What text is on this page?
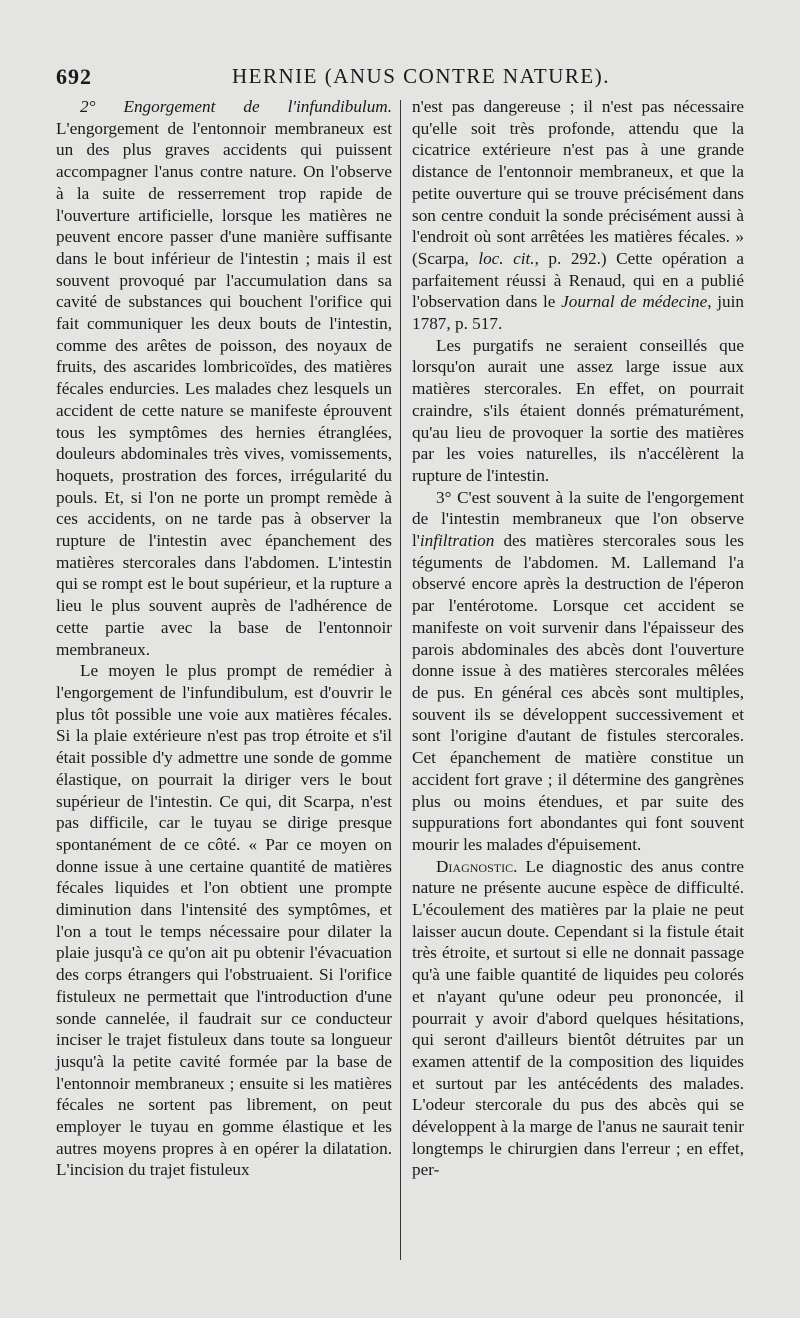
692	HERNIE (ANUS CONTRE NATURE).

2° Engorgement de l'infundibulum. L'engorgement de l'entonnoir membraneux est un des plus graves accidents qui puissent accompagner l'anus contre nature. On l'observe à la suite de resserrement trop rapide de l'ouverture artificielle, lorsque les matières ne peuvent encore passer d'une manière suffisante dans le bout inférieur de l'intestin ; mais il est souvent provoqué par l'accumulation dans sa cavité de substances qui bouchent l'orifice qui fait communiquer les deux bouts de l'intestin, comme des arêtes de poisson, des noyaux de fruits, des ascarides lombricoïdes, des matières fécales endurcies. Les malades chez lesquels un accident de cette nature se manifeste éprouvent tous les symptômes des hernies étranglées, douleurs abdominales très vives, vomissements, hoquets, prostration des forces, irrégularité du pouls. Et, si l'on ne porte un prompt remède à ces accidents, on ne tarde pas à observer la rupture de l'intestin avec épanchement des matières stercorales dans l'abdomen. L'intestin qui se rompt est le bout supérieur, et la rupture a lieu le plus souvent auprès de l'adhérence de cette partie avec la base de l'entonnoir membraneux.

Le moyen le plus prompt de remédier à l'engorgement de l'infundibulum, est d'ouvrir le plus tôt possible une voie aux matières fécales. Si la plaie extérieure n'est pas trop étroite et s'il était possible d'y admettre une sonde de gomme élastique, on pourrait la diriger vers le bout supérieur de l'intestin. Ce qui, dit Scarpa, n'est pas difficile, car le tuyau se dirige presque spontanément de ce côté. « Par ce moyen on donne issue à une certaine quantité de matières fécales liquides et l'on obtient une prompte diminution dans l'intensité des symptômes, et l'on a tout le temps nécessaire pour dilater la plaie jusqu'à ce qu'on ait pu obtenir l'évacuation des corps étrangers qui l'obstruaient. Si l'orifice fistuleux ne permettait que l'introduction d'une sonde cannelée, il faudrait sur ce conducteur inciser le trajet fistuleux dans toute sa longueur jusqu'à la petite cavité formée par la base de l'entonnoir membraneux ; ensuite si les matières fécales ne sortent pas librement, on peut employer le tuyau en gomme élastique et les autres moyens propres à en opérer la dilatation. L'incision du trajet fistuleux

n'est pas dangereuse ; il n'est pas nécessaire qu'elle soit très profonde, attendu que la cicatrice extérieure n'est pas à une grande distance de l'entonnoir membraneux, et que la petite ouverture qui se trouve précisément dans son centre conduit la sonde précisément aussi à l'endroit où sont arrêtées les matières fécales. » (Scarpa, loc. cit., p. 292.) Cette opération a parfaitement réussi à Renaud, qui en a publié l'observation dans le Journal de médecine, juin 1787, p. 517.

Les purgatifs ne seraient conseillés que lorsqu'on aurait une assez large issue aux matières stercorales. En effet, on pourrait craindre, s'ils étaient donnés prématurément, qu'au lieu de provoquer la sortie des matières par les voies naturelles, ils n'accélèrent la rupture de l'intestin.

3° C'est souvent à la suite de l'engorgement de l'intestin membraneux que l'on observe l'infiltration des matières stercorales sous les téguments de l'abdomen. M. Lallemand l'a observé encore après la destruction de l'éperon par l'entérotome. Lorsque cet accident se manifeste on voit survenir dans l'épaisseur des parois abdominales des abcès dont l'ouverture donne issue à des matières stercorales mêlées de pus. En général ces abcès sont multiples, souvent ils se développent successivement et sont l'origine d'autant de fistules stercorales. Cet épanchement de matière constitue un accident fort grave ; il détermine des gangrènes plus ou moins étendues, et par suite des suppurations fort abondantes qui font souvent mourir les malades d'épuisement.

Diagnostic. Le diagnostic des anus contre nature ne présente aucune espèce de difficulté. L'écoulement des matières par la plaie ne peut laisser aucun doute. Cependant si la fistule était très étroite, et surtout si elle ne donnait passage qu'à une faible quantité de liquides peu colorés et n'ayant qu'une odeur peu prononcée, il pourrait y avoir d'abord quelques hésitations, qui seront d'ailleurs bientôt détruites par un examen attentif de la composition des liquides et surtout par les antécédents des malades. L'odeur stercorale du pus des abcès qui se développent à la marge de l'anus ne saurait tenir longtemps le chirurgien dans l'erreur ; en effet, per-
